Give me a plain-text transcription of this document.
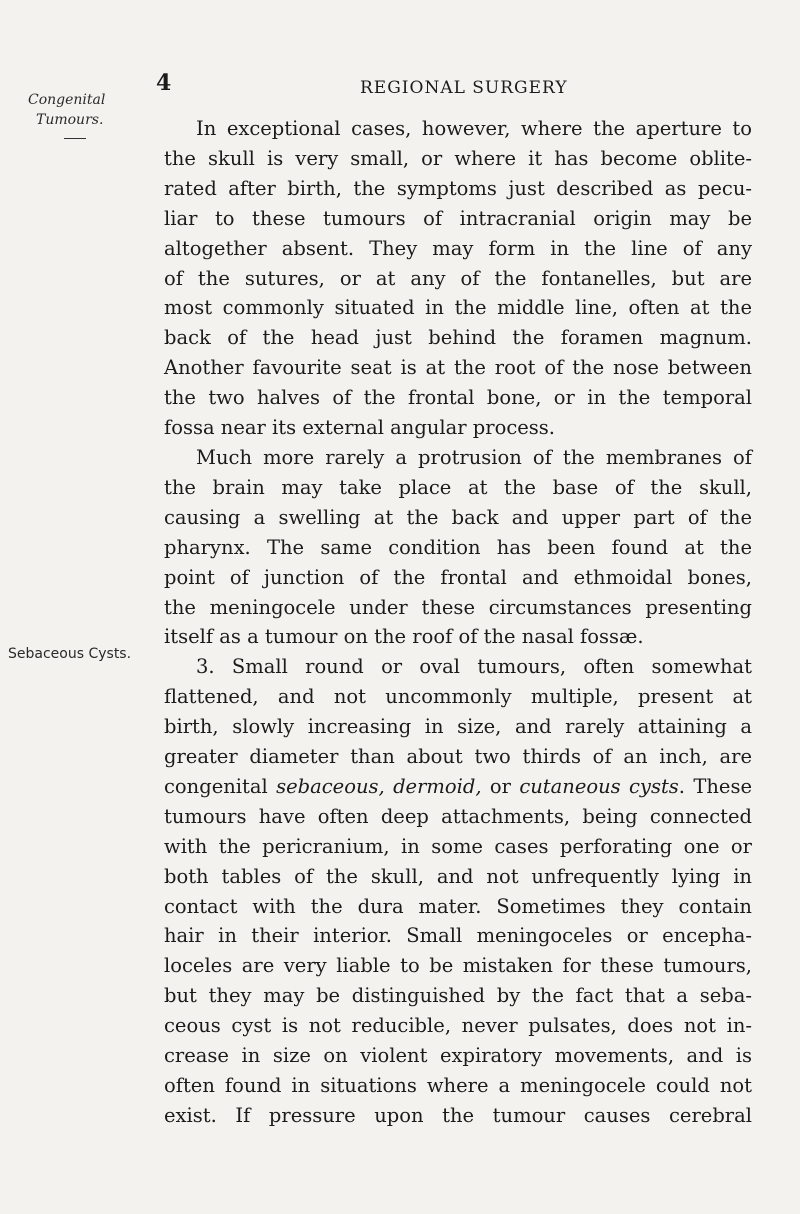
Congenital
Tumours.
4	REGIONAL SURGERY
Sebaceous Cysts.
In exceptional cases, however, where the aperture to
the skull is very small, or where it has become oblite-
rated after birth, the symptoms just described as pecu-
liar to these tumours of intracranial origin may be
altogether absent. They may form in the line of any
of the sutures, or at any of the fontanelles, but are
most commonly situated in the middle line, often at the
back of the head just behind the foramen magnum.
Another favourite seat is at the root of the nose between
the two halves of the frontal bone, or in the temporal
fossa near its external angular process.
Much more rarely a protrusion of the membranes of
the brain may take place at the base of the skull,
causing a swelling at the back and upper part of the
pharynx. The same condition has been found at the
point of junction of the frontal and ethmoidal bones,
the meningocele under these circumstances presenting
itself as a tumour on the roof of the nasal fossæ.
3. Small round or oval tumours, often somewhat
flattened, and not uncommonly multiple, present at
birth, slowly increasing in size, and rarely attaining a
greater diameter than about two thirds of an inch, are
congenital sebaceous, dermoid, or cutaneous cysts. These
tumours have often deep attachments, being connected
with the pericranium, in some cases perforating one or
both tables of the skull, and not unfrequently lying in
contact with the dura mater. Sometimes they contain
hair in their interior. Small meningoceles or encepha-
loceles are very liable to be mistaken for these tumours,
but they may be distinguished by the fact that a seba-
ceous cyst is not reducible, never pulsates, does not in-
crease in size on violent expiratory movements, and is
often found in situations where a meningocele could not
exist. If pressure upon the tumour causes cerebral
